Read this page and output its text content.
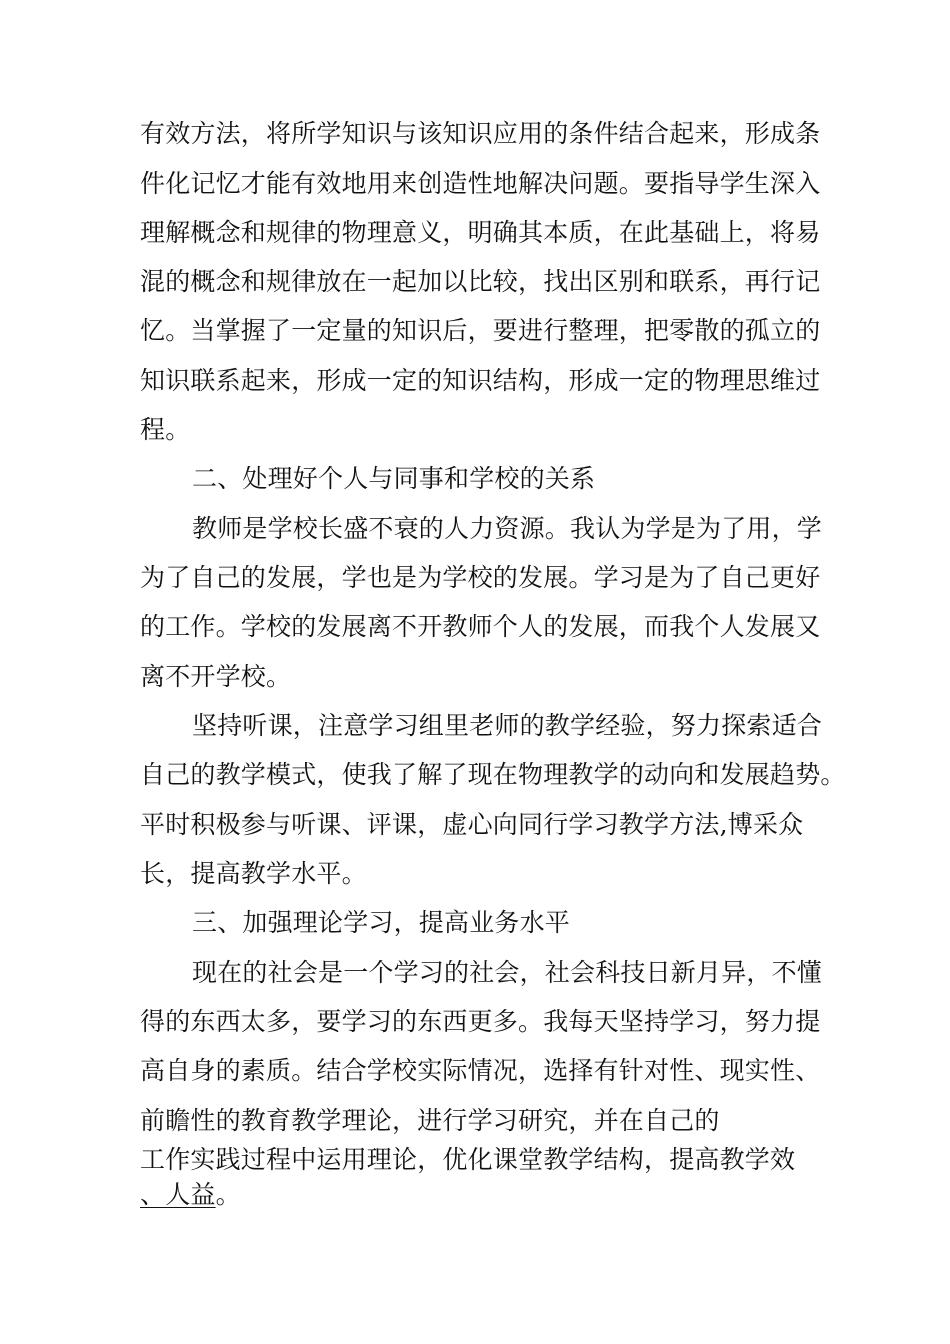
有效方法，将所学知识与该知识应用的条件结合起来，形成条
件化记忆才能有效地用来创造性地解决问题。要指导学生深入
理解概念和规律的物理意义，明确其本质，在此基础上，将易
混的概念和规律放在一起加以比较，找出区别和联系，再行记
忆。当掌握了一定量的知识后，要进行整理，把零散的孤立的
知识联系起来，形成一定的知识结构，形成一定的物理思维过
程。
二、处理好个人与同事和学校的关系
教师是学校长盛不衰的人力资源。我认为学是为了用，学
为了自己的发展，学也是为学校的发展。学习是为了自己更好
的工作。学校的发展离不开教师个人的发展，而我个人发展又
离不开学校。
坚持听课，注意学习组里老师的教学经验，努力探索适合
自己的教学模式，使我了解了现在物理教学的动向和发展趋势。
平时积极参与听课、评课，虚心向同行学习教学方法,博采众
长，提高教学水平。
三、加强理论学习，提高业务水平
现在的社会是一个学习的社会，社会科技日新月异，不懂
得的东西太多，要学习的东西更多。我每天坚持学习，努力提
高自身的素质。结合学校实际情况，选择有针对性、现实性、
前瞻性的教育教学理论，进行学习研究，并在自己的
工作实践过程中运用理论，优化课堂教学结构，提高教学效
、人益。
